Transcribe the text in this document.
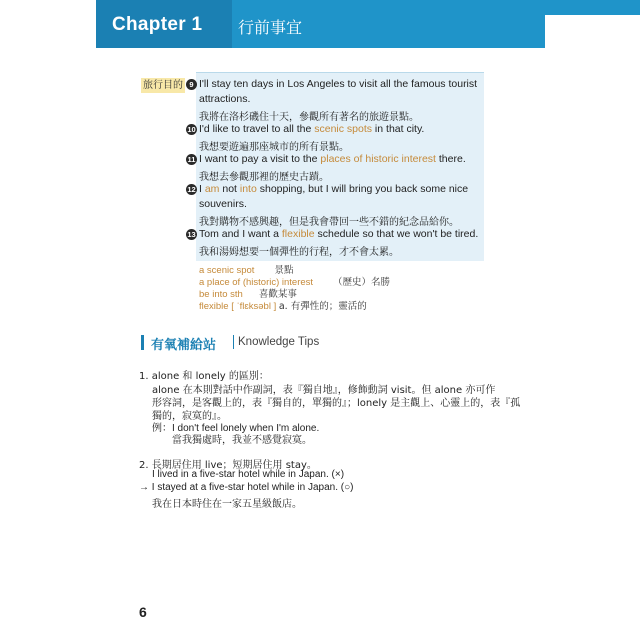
Chapter 1 行前事宜
旅行目的 9 I'll stay ten days in Los Angeles to visit all the famous tourist
attractions.
我將在洛杉磯住十天，參觀所有著名的旅遊景點。
10 I'd like to travel to all the scenic spots in that city.
我想要遊遍那座城市的所有景點。
11 I want to pay a visit to the places of historic interest there.
我想去參觀那裡的歷史古蹟。
12 I am not into shopping, but I will bring you back some nice
souvenirs.
我對購物不感興趣，但是我會帶回一些不錯的紀念品給你。
13 Tom and I want a flexible schedule so that we won't be tired.
我和湯姆想要一個彈性的行程，才不會太累。
a scenic spot 景點
a place of (historic) interest （歷史）名勝
be into sth 喜歡某事
flexible [ ˈflɛksəbl ] a. 有彈性的；靈活的
有氧補給站 Knowledge Tips
1. alone 和 lonely 的區別：
alone 在本則對話中作副詞，表『獨自地』，修飾動詞 visit。但 alone 亦可作
形容詞，是客觀上的，表『獨自的，單獨的』；lonely 是主觀上、心靈上的，表『孤
獨的，寂寞的』。
例：I don't feel lonely when I'm alone.
當我獨處時，我並不感覺寂寞。
2. 長期居住用 live；短期居住用 stay。
I lived in a five-star hotel while in Japan. (×)
→ I stayed at a five-star hotel while in Japan. (○)
我在日本時住在一家五星級飯店。
6
